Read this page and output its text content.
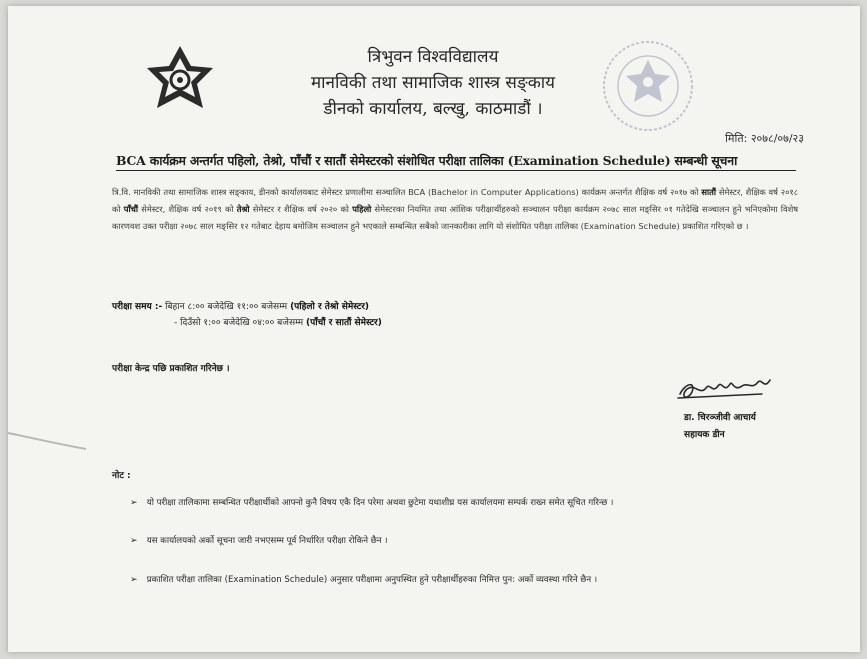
त्रिभुवन विश्वविद्यालय
मानविकी तथा सामाजिक शास्त्र सङ्‍काय
डीनको कार्यालय, बल्खु, काठमाडौं ।
मिति: २०७८/०७/२३
BCA कार्यक्रम अन्तर्गत पहिलो, तेश्रो, पाँचौं र सातौं सेमेस्टरको संशोधित परीक्षा तालिका (Examination Schedule) सम्बन्धी सूचना
त्रि.वि. मानविकी तथा सामाजिक शास्त्र सङ्‍काय, डीनको कार्यालयबाट सेमेस्टर प्रणालीमा सञ्चालित BCA (Bachelor in Computer Applications) कार्यक्रम अन्तर्गत शैक्षिक वर्ष २०१७ को सातौं सेमेस्टर, शैक्षिक वर्ष २०१८ को पाँचौं सेमेस्टर, शैक्षिक वर्ष २०१९ को तेश्रो सेमेस्टर र शैक्षिक वर्ष २०२० को पहिलो सेमेस्टरका नियमित तथा आंशिक परीक्षार्थीहरुको सञ्चालन परीक्षा कार्यक्रम २०७८ साल मङ्सिर ०१ गतेदेखि सञ्चालन हुने भनिएकोमा विशेष कारणवश उक्त परीक्षा २०७८ साल मङ्सिर १२ गतेबाट देहाय बमोजिम सञ्चालन हुने भएकाले सम्बन्धित सबैको जानकारीका लागि यो संशोधित परीक्षा तालिका (Examination Schedule) प्रकाशित गरिएको छ ।
परीक्षा समय :- बिहान ८:०० बजेदेखि ११:०० बजेसम्म (पहिलो र तेश्रो सेमेस्टर)
- दिउँसो १:०० बजेदेखि ०४:०० बजेसम्म (पाँचौं र सातौं सेमेस्टर)
परीक्षा केन्द्र पछि प्रकाशित गरिनेछ ।
डा. चिरञ्जीवी आचार्य
सहायक डीन
नोट :
➢ यो परीक्षा तालिकामा सम्बन्धित परीक्षार्थीको आफ्नो कुनै विषय एकै दिन परेमा अथवा छुटेमा यथाशीघ्र यस कार्यालयमा सम्पर्क राख्न समेत सूचित गरिन्छ ।
➢ यस कार्यालयको अर्को सूचना जारी नभएसम्म पूर्व निर्धारित परीक्षा रोकिने छैन ।
➢ प्रकाशित परीक्षा तालिका (Examination Schedule) अनुसार परीक्षामा अनुपस्थित हुने परीक्षार्थीहरुका निमित्त पुन: अर्को व्यवस्था गरिने छैन ।
